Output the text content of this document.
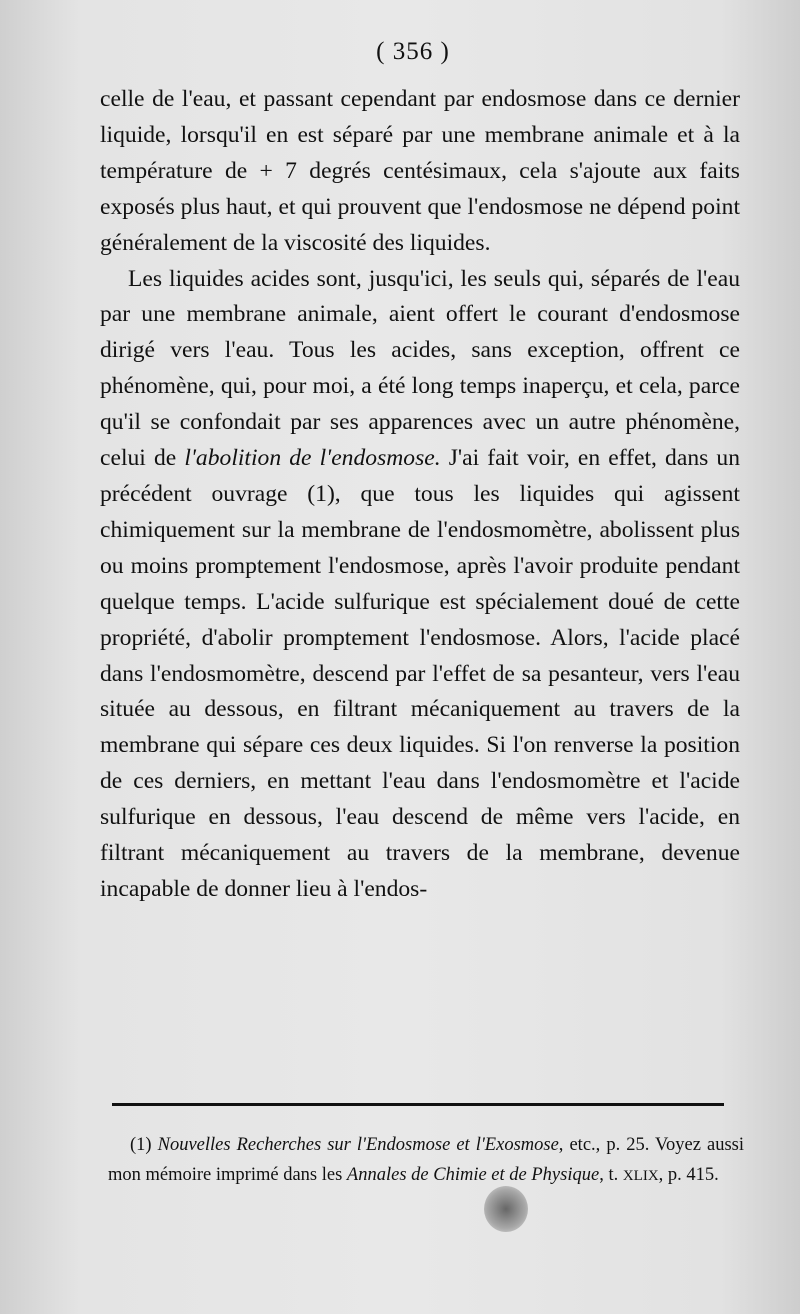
( 356 )

celle de l'eau, et passant cependant par endosmose dans ce dernier liquide, lorsqu'il en est séparé par une membrane animale et à la température de + 7 degrés centésimaux, cela s'ajoute aux faits exposés plus haut, et qui prouvent que l'endosmose ne dépend point généralement de la viscosité des liquides.

Les liquides acides sont, jusqu'ici, les seuls qui, séparés de l'eau par une membrane animale, aient offert le courant d'endosmose dirigé vers l'eau. Tous les acides, sans exception, offrent ce phénomène, qui, pour moi, a été long temps inaperçu, et cela, parce qu'il se confondait par ses apparences avec un autre phénomène, celui de l'abolition de l'endosmose. J'ai fait voir, en effet, dans un précédent ouvrage (1), que tous les liquides qui agissent chimiquement sur la membrane de l'endosmomètre, abolissent plus ou moins promptement l'endosmose, après l'avoir produite pendant quelque temps. L'acide sulfurique est spécialement doué de cette propriété, d'abolir promptement l'endosmose. Alors, l'acide placé dans l'endosmomètre, descend par l'effet de sa pesanteur, vers l'eau située au dessous, en filtrant mécaniquement au travers de la membrane qui sépare ces deux liquides. Si l'on renverse la position de ces derniers, en mettant l'eau dans l'endosmomètre et l'acide sulfurique en dessous, l'eau descend de même vers l'acide, en filtrant mécaniquement au travers de la membrane, devenue incapable de donner lieu à l'endos-

(1) Nouvelles Recherches sur l'Endosmose et l'Exosmose, etc., p. 25. Voyez aussi mon mémoire imprimé dans les Annales de Chimie et de Physique, t. XLIX, p. 415.
